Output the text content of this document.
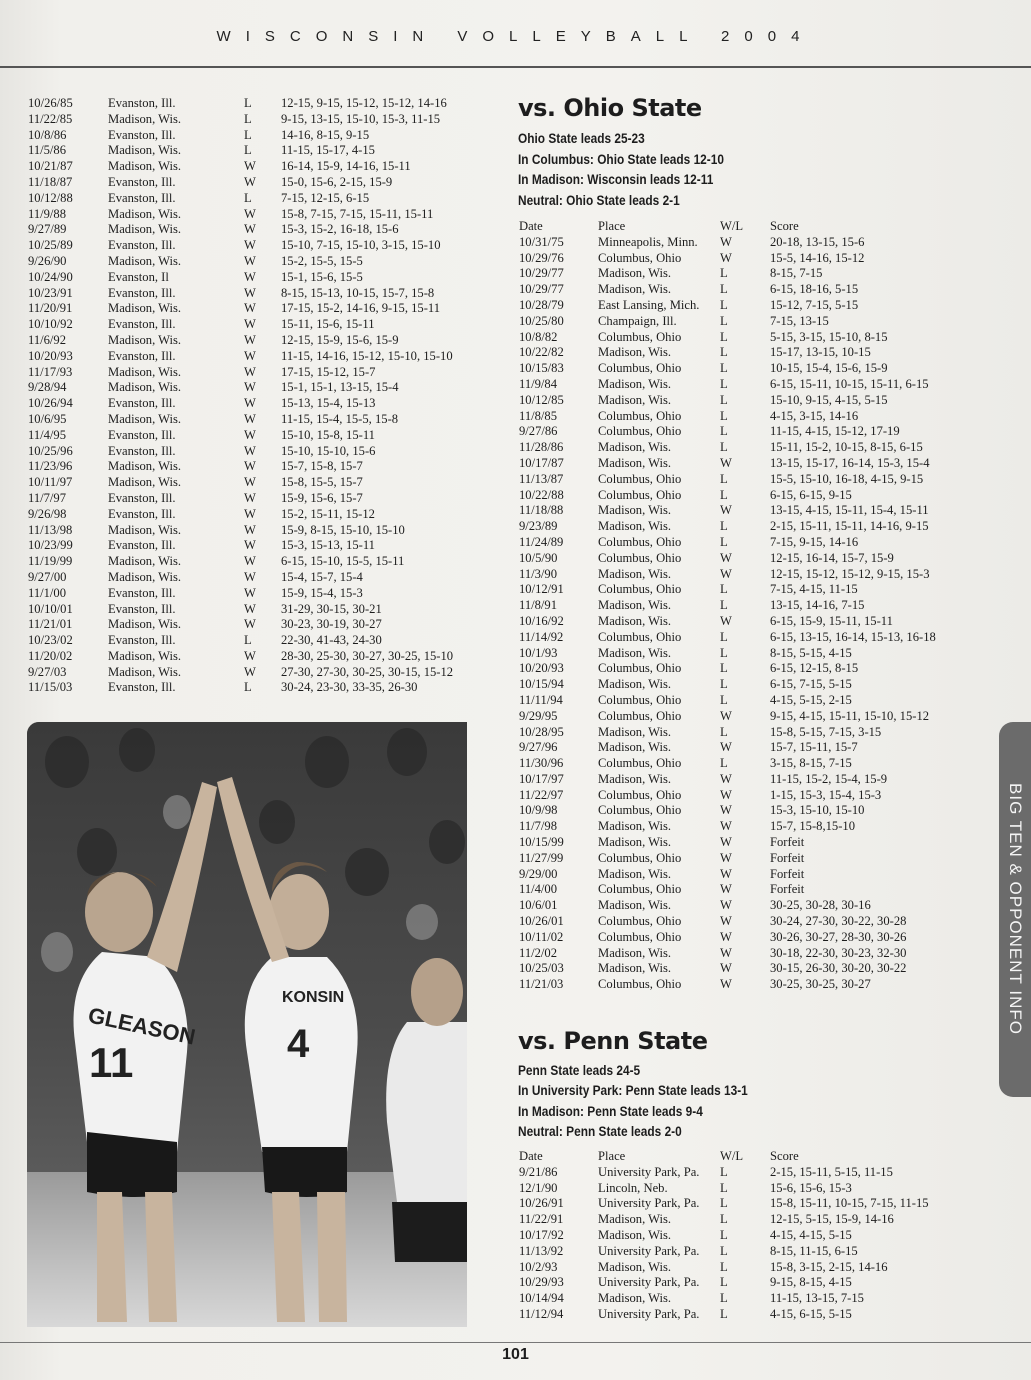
WISCONSIN VOLLEYBALL 2004
10/26/85	Evanston, Ill.	L	12-15, 9-15, 15-12, 15-12, 14-16
11/22/85	Madison, Wis.	L	9-15, 13-15, 15-10, 15-3, 11-15
10/8/86	Evanston, Ill.	L	14-16, 8-15, 9-15
11/5/86	Madison, Wis.	L	11-15, 15-17, 4-15
10/21/87	Madison, Wis.	W	16-14, 15-9, 14-16, 15-11
11/18/87	Evanston, Ill.	W	15-0, 15-6, 2-15, 15-9
10/12/88	Evanston, Ill.	L	7-15, 12-15, 6-15
11/9/88	Madison, Wis.	W	15-8, 7-15, 7-15, 15-11, 15-11
9/27/89	Madison, Wis.	W	15-3, 15-2, 16-18, 15-6
10/25/89	Evanston, Ill.	W	15-10, 7-15, 15-10, 3-15, 15-10
9/26/90	Madison, Wis.	W	15-2, 15-5, 15-5
10/24/90	Evanston, Il	W	15-1, 15-6, 15-5
10/23/91	Evanston, Ill.	W	8-15, 15-13, 10-15, 15-7, 15-8
11/20/91	Madison, Wis.	W	17-15, 15-2, 14-16, 9-15, 15-11
10/10/92	Evanston, Ill.	W	15-11, 15-6, 15-11
11/6/92	Madison, Wis.	W	12-15, 15-9, 15-6, 15-9
10/20/93	Evanston, Ill.	W	11-15, 14-16, 15-12, 15-10, 15-10
11/17/93	Madison, Wis.	W	17-15, 15-12, 15-7
9/28/94	Madison, Wis.	W	15-1, 15-1, 13-15, 15-4
10/26/94	Evanston, Ill.	W	15-13, 15-4, 15-13
10/6/95	Madison, Wis.	W	11-15, 15-4, 15-5, 15-8
11/4/95	Evanston, Ill.	W	15-10, 15-8, 15-11
10/25/96	Evanston, Ill.	W	15-10, 15-10, 15-6
11/23/96	Madison, Wis.	W	15-7, 15-8, 15-7
10/11/97	Madison, Wis.	W	15-8, 15-5, 15-7
11/7/97	Evanston, Ill.	W	15-9, 15-6, 15-7
9/26/98	Evanston, Ill.	W	15-2, 15-11, 15-12
11/13/98	Madison, Wis.	W	15-9, 8-15, 15-10, 15-10
10/23/99	Evanston, Ill.	W	15-3, 15-13, 15-11
11/19/99	Madison, Wis.	W	6-15, 15-10, 15-5, 15-11
9/27/00	Madison, Wis.	W	15-4, 15-7, 15-4
11/1/00	Evanston, Ill.	W	15-9, 15-4, 15-3
10/10/01	Evanston, Ill.	W	31-29, 30-15, 30-21
11/21/01	Madison, Wis.	W	30-23, 30-19, 30-27
10/23/02	Evanston, Ill.	L	22-30, 41-43, 24-30
11/20/02	Madison, Wis.	W	28-30, 25-30, 30-27, 30-25, 15-10
9/27/03	Madison, Wis.	W	27-30, 27-30, 30-25, 30-15, 15-12
11/15/03	Evanston, Ill.	L	30-24, 23-30, 33-35, 26-30
GLEASON
11
KONSIN
4
vs. Ohio State
Ohio State leads 25-23
In Columbus: Ohio State leads 12-10
In Madison: Wisconsin leads 12-11
Neutral: Ohio State leads 2-1
Date	Place	W/L	Score
10/31/75	Minneapolis, Minn.	W	20-18, 13-15, 15-6
10/29/76	Columbus, Ohio	W	15-5, 14-16, 15-12
10/29/77	Madison, Wis.	L	8-15, 7-15
10/29/77	Madison, Wis.	L	6-15, 18-16, 5-15
10/28/79	East Lansing, Mich.	L	15-12, 7-15, 5-15
10/25/80	Champaign, Ill.	L	7-15, 13-15
10/8/82	Columbus, Ohio	L	5-15, 3-15, 15-10, 8-15
10/22/82	Madison, Wis.	L	15-17, 13-15, 10-15
10/15/83	Columbus, Ohio	L	10-15, 15-4, 15-6, 15-9
11/9/84	Madison, Wis.	L	6-15, 15-11, 10-15, 15-11, 6-15
10/12/85	Madison, Wis.	L	15-10, 9-15, 4-15, 5-15
11/8/85	Columbus, Ohio	L	4-15, 3-15, 14-16
9/27/86	Columbus, Ohio	L	11-15, 4-15, 15-12, 17-19
11/28/86	Madison, Wis.	L	15-11, 15-2, 10-15, 8-15, 6-15
10/17/87	Madison, Wis.	W	13-15, 15-17, 16-14, 15-3, 15-4
11/13/87	Columbus, Ohio	L	15-5, 15-10, 16-18, 4-15, 9-15
10/22/88	Columbus, Ohio	L	6-15, 6-15, 9-15
11/18/88	Madison, Wis.	W	13-15, 4-15, 15-11, 15-4, 15-11
9/23/89	Madison, Wis.	L	2-15, 15-11, 15-11, 14-16, 9-15
11/24/89	Columbus, Ohio	L	7-15, 9-15, 14-16
10/5/90	Columbus, Ohio	W	12-15, 16-14, 15-7, 15-9
11/3/90	Madison, Wis.	W	12-15, 15-12, 15-12, 9-15, 15-3
10/12/91	Columbus, Ohio	L	7-15, 4-15, 11-15
11/8/91	Madison, Wis.	L	13-15, 14-16, 7-15
10/16/92	Madison, Wis.	W	6-15, 15-9, 15-11, 15-11
11/14/92	Columbus, Ohio	L	6-15, 13-15, 16-14, 15-13, 16-18
10/1/93	Madison, Wis.	L	8-15, 5-15, 4-15
10/20/93	Columbus, Ohio	L	6-15, 12-15, 8-15
10/15/94	Madison, Wis.	L	6-15, 7-15, 5-15
11/11/94	Columbus, Ohio	L	4-15, 5-15, 2-15
9/29/95	Columbus, Ohio	W	9-15, 4-15, 15-11, 15-10, 15-12
10/28/95	Madison, Wis.	L	15-8, 5-15, 7-15, 3-15
9/27/96	Madison, Wis.	W	15-7, 15-11, 15-7
11/30/96	Columbus, Ohio	L	3-15, 8-15, 7-15
10/17/97	Madison, Wis.	W	11-15, 15-2, 15-4, 15-9
11/22/97	Columbus, Ohio	W	1-15, 15-3, 15-4, 15-3
10/9/98	Columbus, Ohio	W	15-3, 15-10, 15-10
11/7/98	Madison, Wis.	W	15-7, 15-8,15-10
10/15/99	Madison, Wis.	W	Forfeit
11/27/99	Columbus, Ohio	W	Forfeit
9/29/00	Madison, Wis.	W	Forfeit
11/4/00	Columbus, Ohio	W	Forfeit
10/6/01	Madison, Wis.	W	30-25, 30-28, 30-16
10/26/01	Columbus, Ohio	W	30-24, 27-30, 30-22, 30-28
10/11/02	Columbus, Ohio	W	30-26, 30-27, 28-30, 30-26
11/2/02	Madison, Wis.	W	30-18, 22-30, 30-23, 32-30
10/25/03	Madison, Wis.	W	30-15, 26-30, 30-20, 30-22
11/21/03	Columbus, Ohio	W	30-25, 30-25, 30-27
vs. Penn State
Penn State leads 24-5
In University Park: Penn State leads 13-1
In Madison: Penn State leads 9-4
Neutral: Penn State leads 2-0
Date	Place	W/L	Score
9/21/86	University Park, Pa.	L	2-15, 15-11, 5-15, 11-15
12/1/90	Lincoln, Neb.	L	15-6, 15-6, 15-3
10/26/91	University Park, Pa.	L	15-8, 15-11, 10-15, 7-15, 11-15
11/22/91	Madison, Wis.	L	12-15, 5-15, 15-9, 14-16
10/17/92	Madison, Wis.	L	4-15, 4-15, 5-15
11/13/92	University Park, Pa.	L	8-15, 11-15, 6-15
10/2/93	Madison, Wis.	L	15-8, 3-15, 2-15, 14-16
10/29/93	University Park, Pa.	L	9-15, 8-15, 4-15
10/14/94	Madison, Wis.	L	11-15, 13-15, 7-15
11/12/94	University Park, Pa.	L	4-15, 6-15, 5-15
BIG TEN & OPPONENT INFO
101
